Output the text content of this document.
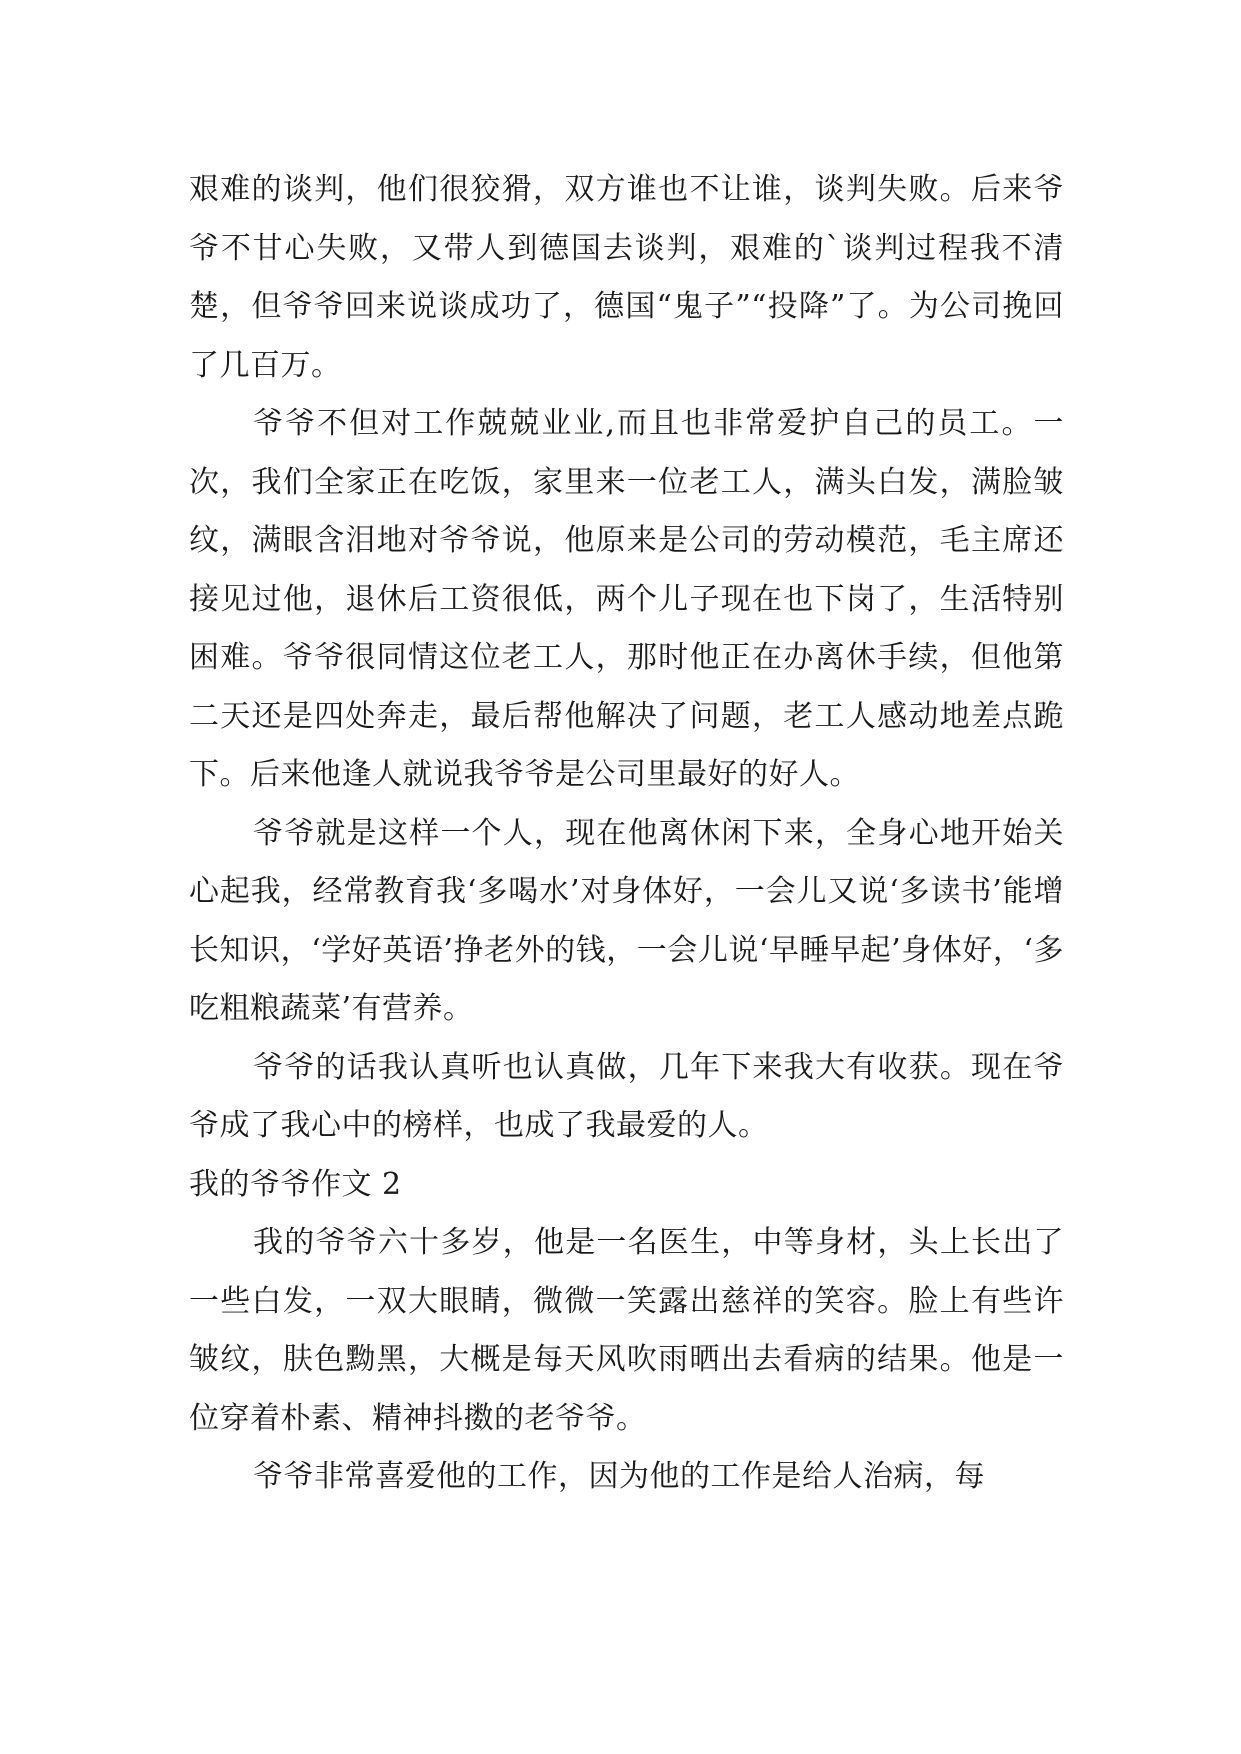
艰难的谈判，他们很狡猾，双方谁也不让谁，谈判失败。后来爷爷不甘心失败，又带人到德国去谈判，艰难的`谈判过程我不清楚，但爷爷回来说谈成功了，德国“鬼子”“投降”了。为公司挽回了几百万。

爷爷不但对工作兢兢业业,而且也非常爱护自己的员工。一次，我们全家正在吃饭，家里来一位老工人，满头白发，满脸皱纹，满眼含泪地对爷爷说，他原来是公司的劳动模范，毛主席还接见过他，退休后工资很低，两个儿子现在也下岗了，生活特别困难。爷爷很同情这位老工人，那时他正在办离休手续，但他第二天还是四处奔走，最后帮他解决了问题，老工人感动地差点跪下。后来他逢人就说我爷爷是公司里最好的好人。

爷爷就是这样一个人，现在他离休闲下来，全身心地开始关心起我，经常教育我‘多喝水’对身体好，一会儿又说‘多读书’能增长知识，‘学好英语’挣老外的钱，一会儿说‘早睡早起’身体好，‘多吃粗粮蔬菜’有营养。

爷爷的话我认真听也认真做，几年下来我大有收获。现在爷爷成了我心中的榜样，也成了我最爱的人。

我的爷爷作文 2

我的爷爷六十多岁，他是一名医生，中等身材，头上长出了一些白发，一双大眼睛，微微一笑露出慈祥的笑容。脸上有些许皱纹，肤色黝黑，大概是每天风吹雨晒出去看病的结果。他是一位穿着朴素、精神抖擞的老爷爷。

爷爷非常喜爱他的工作，因为他的工作是给人治病，每
